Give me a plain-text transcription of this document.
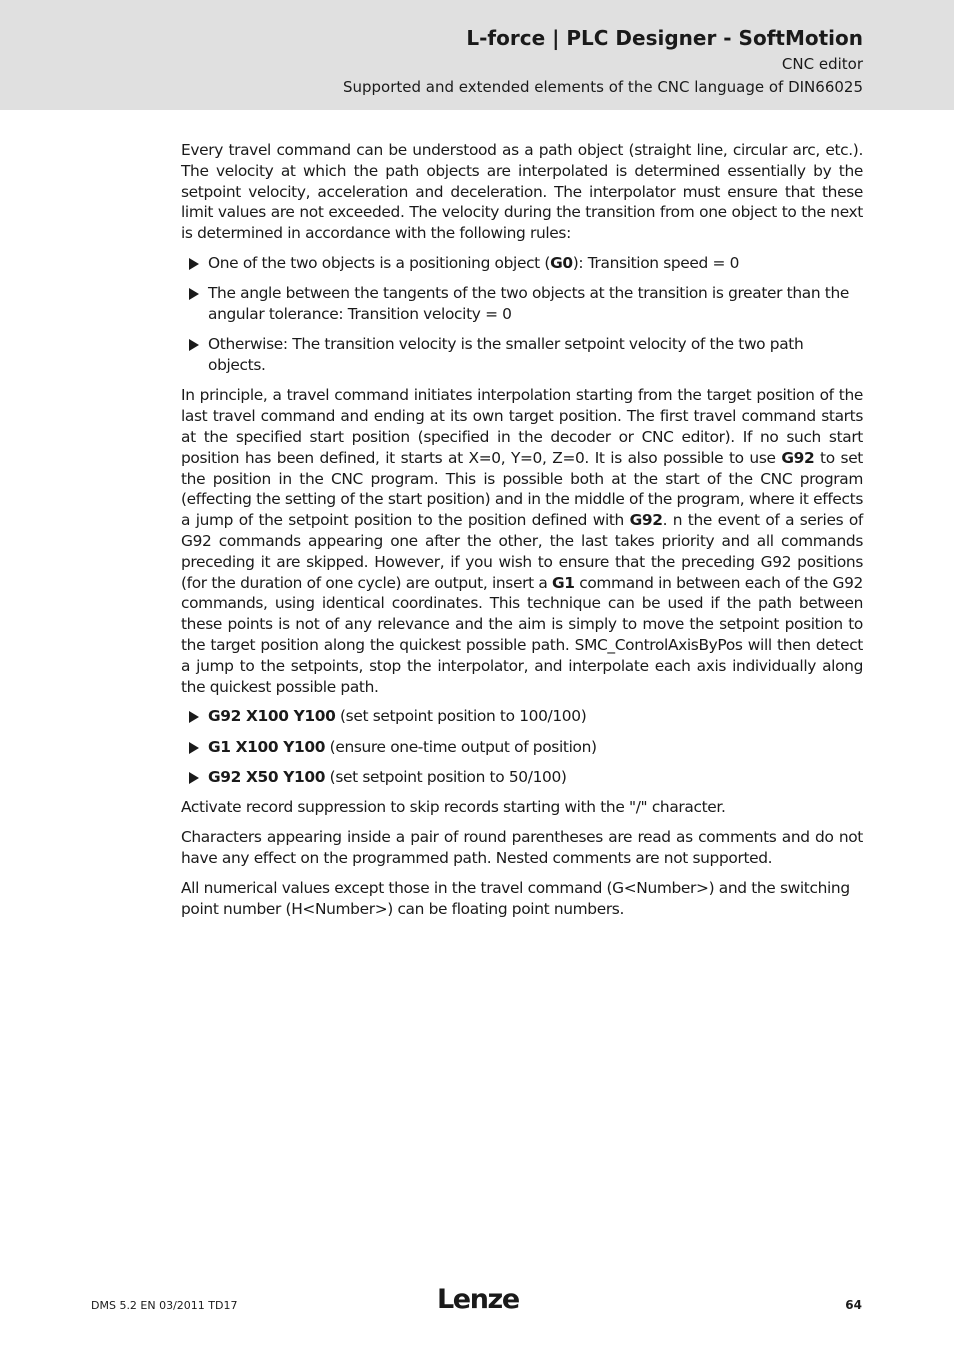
L-force | PLC Designer - SoftMotion
CNC editor
Supported and extended elements of the CNC language of DIN66025

Every travel command can be understood as a path object (straight line, circular arc, etc.). The velocity at which the path objects are interpolated is determined essentially by the setpoint velocity, acceleration and deceleration. The interpolator must ensure that these limit values are not exceeded. The velocity during the transition from one object to the next is determined in accordance with the following rules:

One of the two objects is a positioning object (G0): Transition speed = 0
The angle between the tangents of the two objects at the transition is greater than the angular tolerance: Transition velocity = 0
Otherwise: The transition velocity is the smaller setpoint velocity of the two path objects.

In principle, a travel command initiates interpolation starting from the target position of the last travel command and ending at its own target position. The first travel command starts at the specified start position (specified in the decoder or CNC editor). If no such start position has been defined, it starts at X=0, Y=0, Z=0. It is also possible to use G92 to set the position in the CNC program. This is possible both at the start of the CNC program (effecting the setting of the start position) and in the middle of the program, where it effects a jump of the setpoint position to the position defined with G92. n the event of a series of G92 commands appearing one after the other, the last takes priority and all commands preceding it are skipped. However, if you wish to ensure that the preceding G92 positions (for the duration of one cycle) are output, insert a G1 command in between each of the G92 commands, using identical coordinates. This technique can be used if the path between these points is not of any relevance and the aim is simply to move the setpoint position to the target position along the quickest possible path. SMC_ControlAxisByPos will then detect a jump to the setpoints, stop the interpolator, and interpolate each axis individually along the quickest possible path.

G92 X100 Y100 (set setpoint position to 100/100)
G1 X100 Y100 (ensure one-time output of position)
G92 X50 Y100 (set setpoint position to 50/100)

Activate record suppression to skip records starting with the "/" character.

Characters appearing inside a pair of round parentheses are read as comments and do not have any effect on the programmed path. Nested comments are not supported.

All numerical values except those in the travel command (G<Number>) and the switching point number (H<Number>) can be floating point numbers.

DMS 5.2 EN 03/2011 TD17	Lenze	64
